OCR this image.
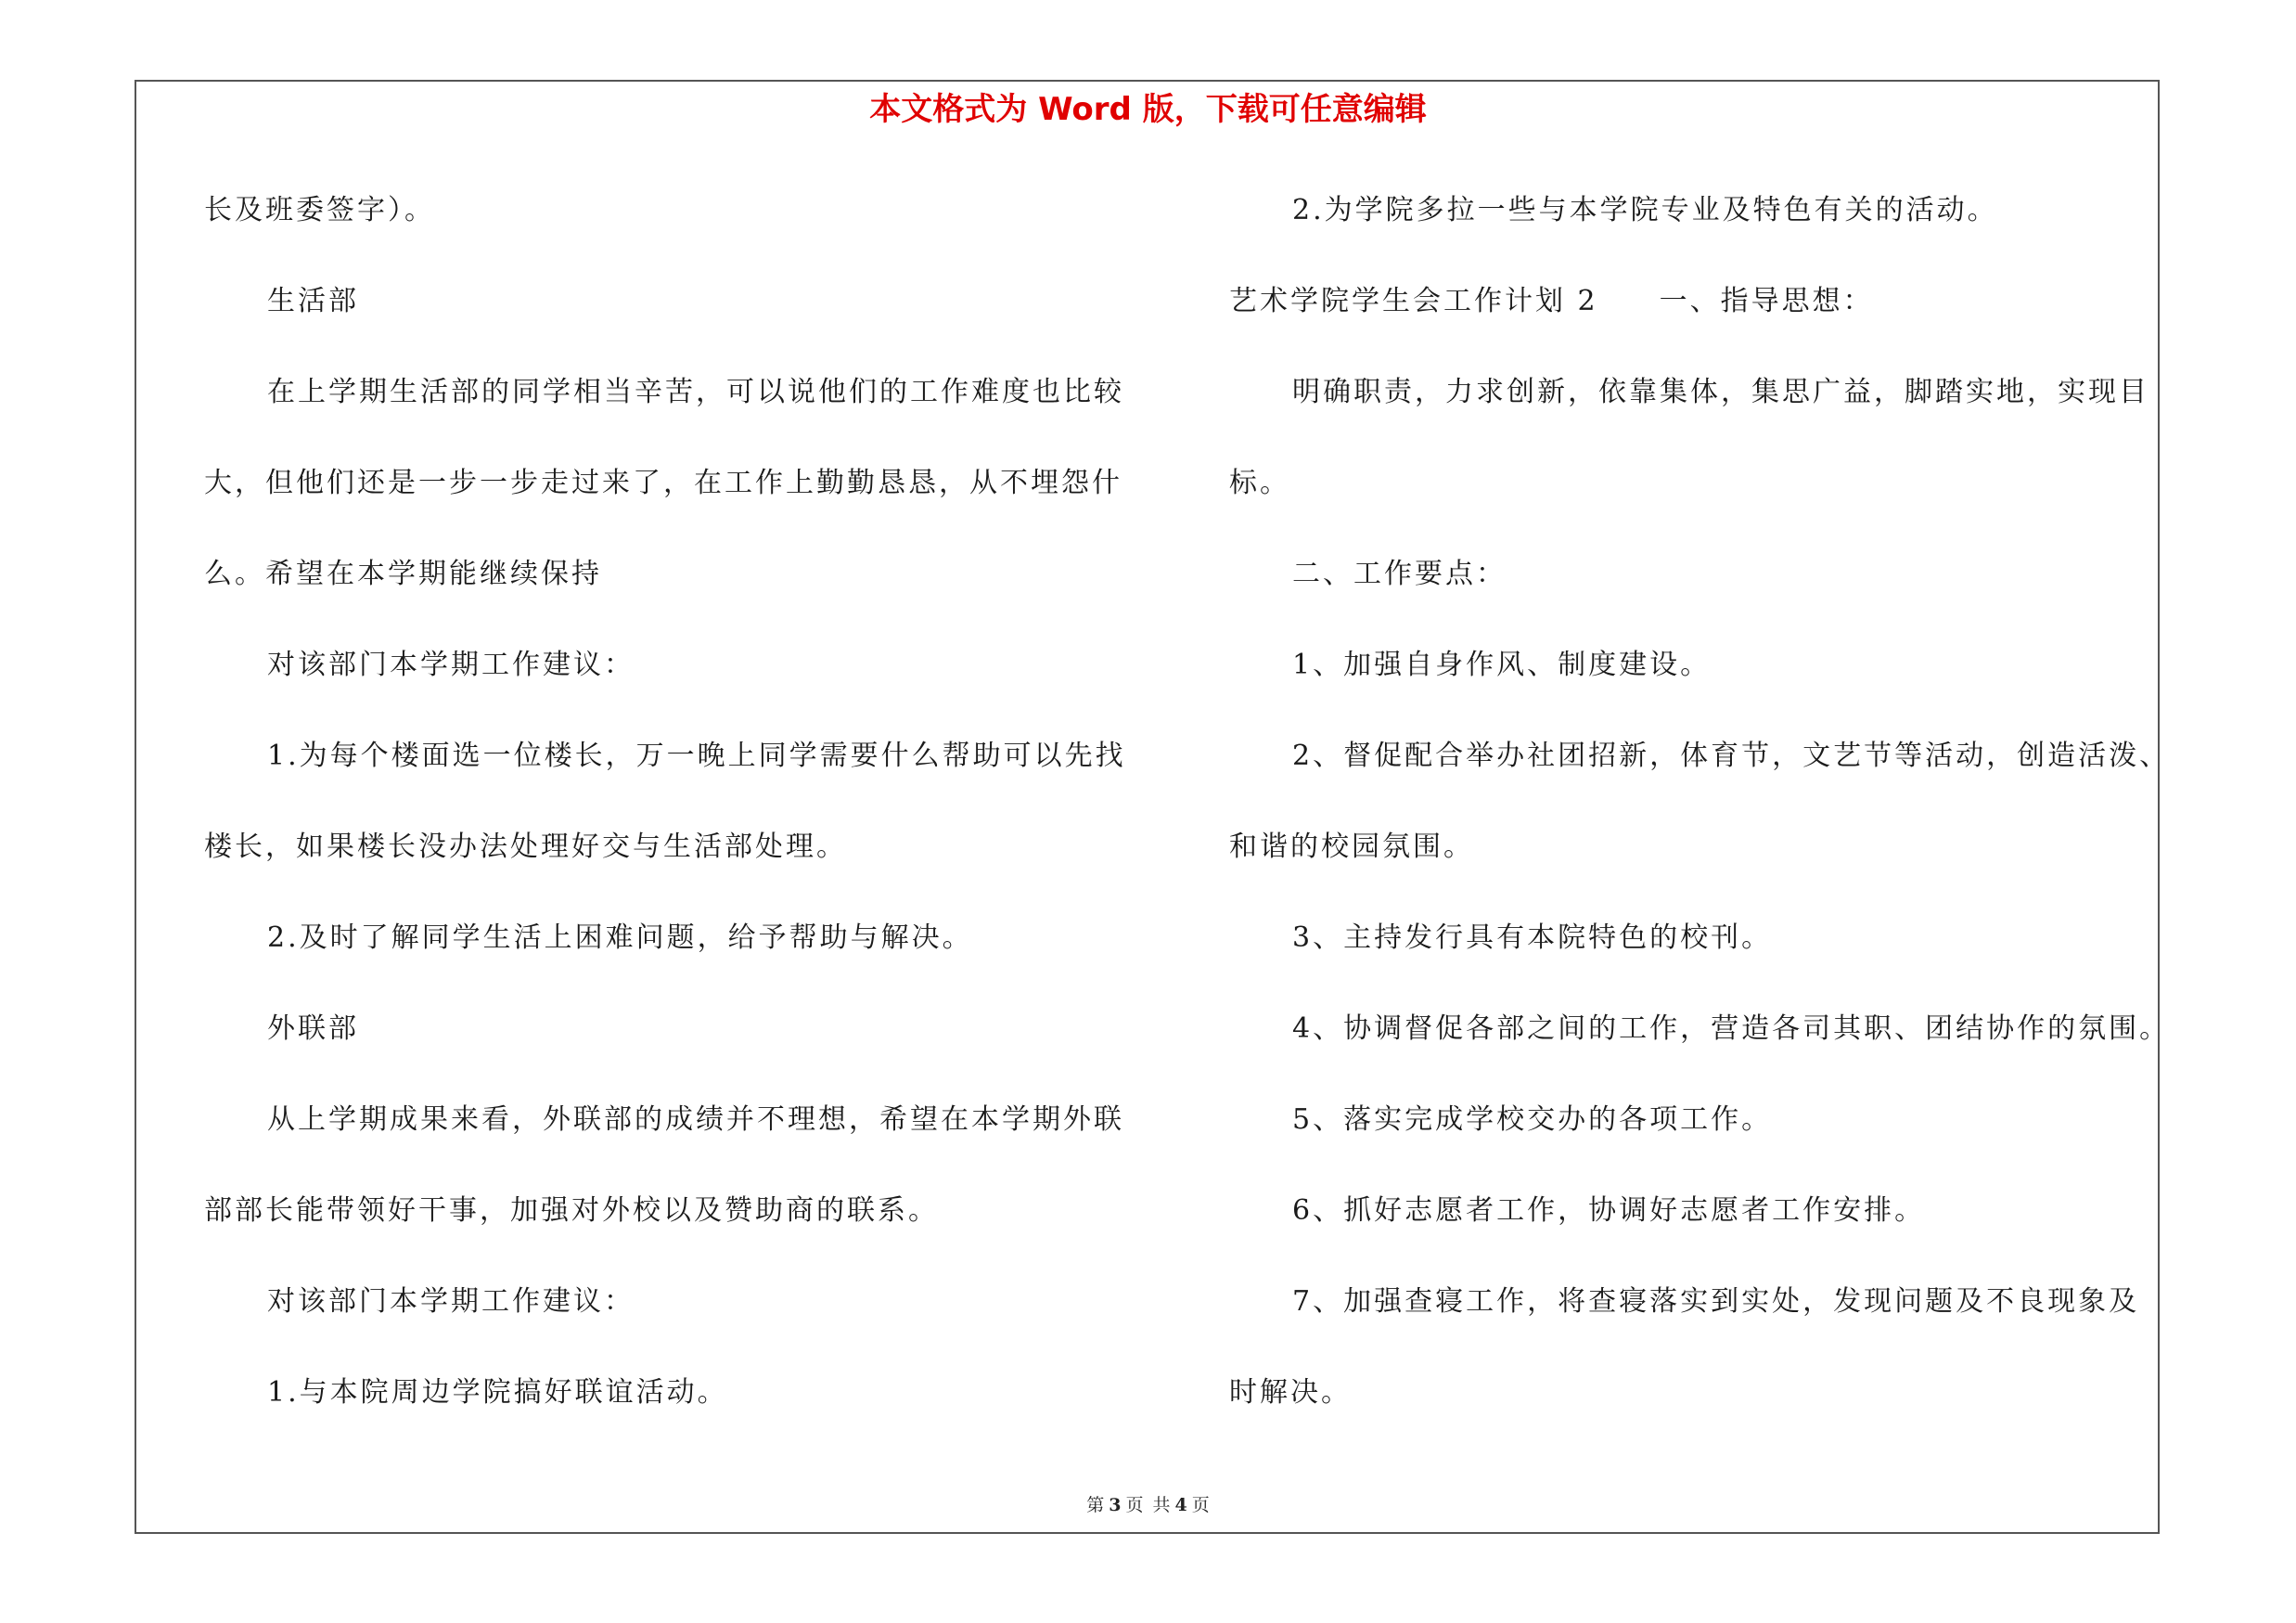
本文格式为 Word 版，下载可任意编辑
长及班委签字）。
生活部
在上学期生活部的同学相当辛苦，可以说他们的工作难度也比较
大，但他们还是一步一步走过来了，在工作上勤勤恳恳，从不埋怨什
么。希望在本学期能继续保持
对该部门本学期工作建议：
1.为每个楼面选一位楼长，万一晚上同学需要什么帮助可以先找
楼长，如果楼长没办法处理好交与生活部处理。
2.及时了解同学生活上困难问题，给予帮助与解决。
外联部
从上学期成果来看，外联部的成绩并不理想，希望在本学期外联
部部长能带领好干事，加强对外校以及赞助商的联系。
对该部门本学期工作建议：
1.与本院周边学院搞好联谊活动。
2.为学院多拉一些与本学院专业及特色有关的活动。
艺术学院学生会工作计划 2　　一、指导思想：
明确职责，力求创新，依靠集体，集思广益，脚踏实地，实现目
标。
二、工作要点：
1、加强自身作风、制度建设。
2、督促配合举办社团招新，体育节，文艺节等活动，创造活泼、
和谐的校园氛围。
3、主持发行具有本院特色的校刊。
4、协调督促各部之间的工作，营造各司其职、团结协作的氛围。
5、落实完成学校交办的各项工作。
6、抓好志愿者工作，协调好志愿者工作安排。
7、加强查寝工作，将查寝落实到实处，发现问题及不良现象及
时解决。
第 3 页 共 4 页
